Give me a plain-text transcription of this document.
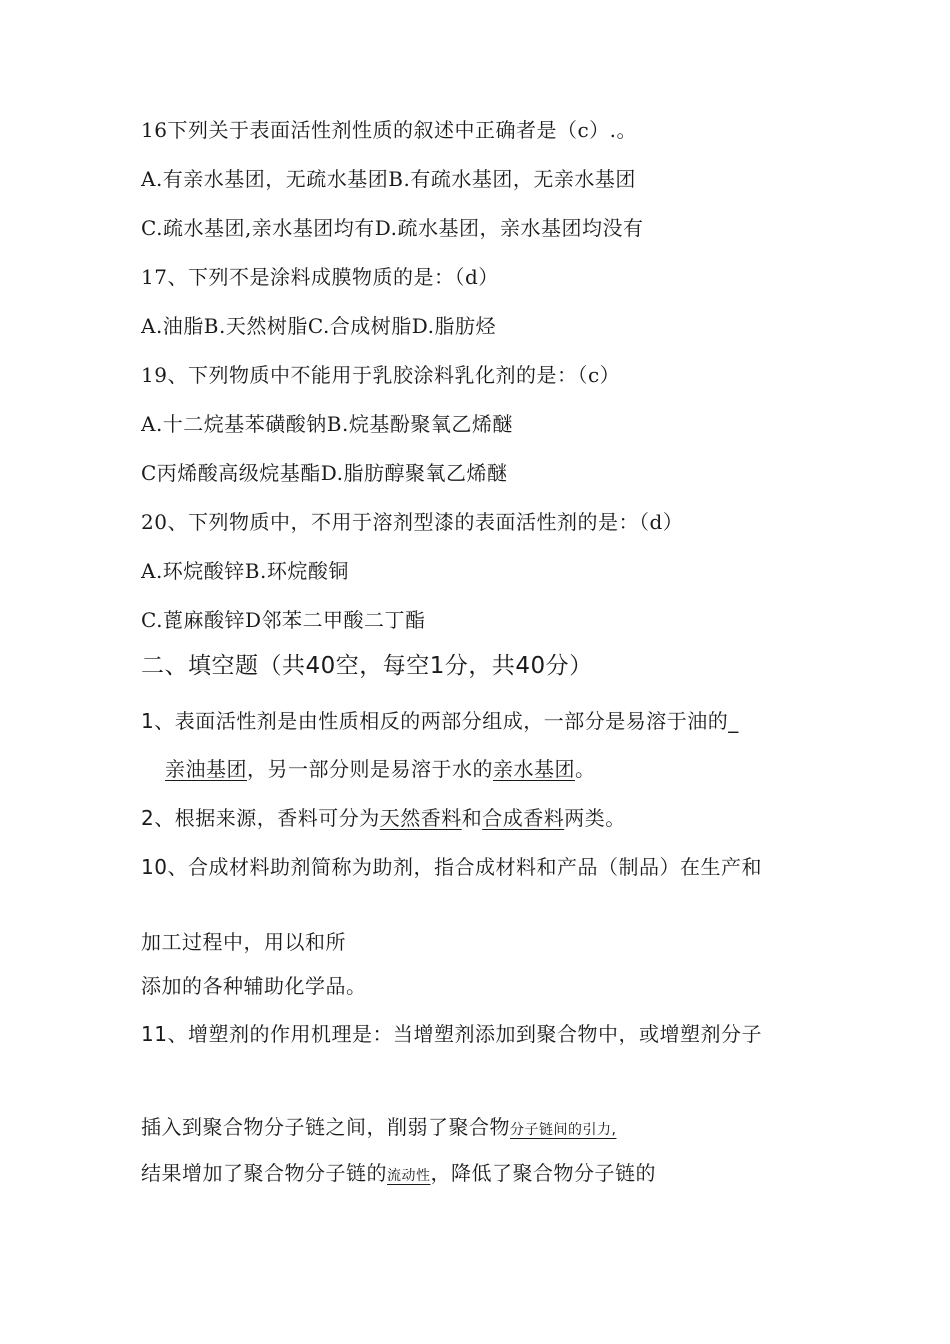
16下列关于表面活性剂性质的叙述中正确者是（c）.。
A.有亲水基团，无疏水基团B.有疏水基团，无亲水基团
C.疏水基团,亲水基团均有D.疏水基团，亲水基团均没有
17、下列不是涂料成膜物质的是：（d）
A.油脂B.天然树脂C.合成树脂D.脂肪烃
19、下列物质中不能用于乳胶涂料乳化剂的是：（c）
A.十二烷基苯磺酸钠B.烷基酚聚氧乙烯醚
C丙烯酸高级烷基酯D.脂肪醇聚氧乙烯醚
20、下列物质中，不用于溶剂型漆的表面活性剂的是：（d）
A.环烷酸锌B.环烷酸铜
C.蓖麻酸锌D邻苯二甲酸二丁酯
二、填空题（共40空，每空1分，共40分）
1、表面活性剂是由性质相反的两部分组成，一部分是易溶于油的_
亲油基团，另一部分则是易溶于水的亲水基团。
2、根据来源，香料可分为天然香料和合成香料两类。
10、合成材料助剂简称为助剂，指合成材料和产品（制品）在生产和
加工过程中，用以和所
添加的各种辅助化学品。
11、增塑剂的作用机理是：当增塑剂添加到聚合物中，或增塑剂分子
插入到聚合物分子链之间，削弱了聚合物分子链间的引力,
结果增加了聚合物分子链的流动性，降低了聚合物分子链的
